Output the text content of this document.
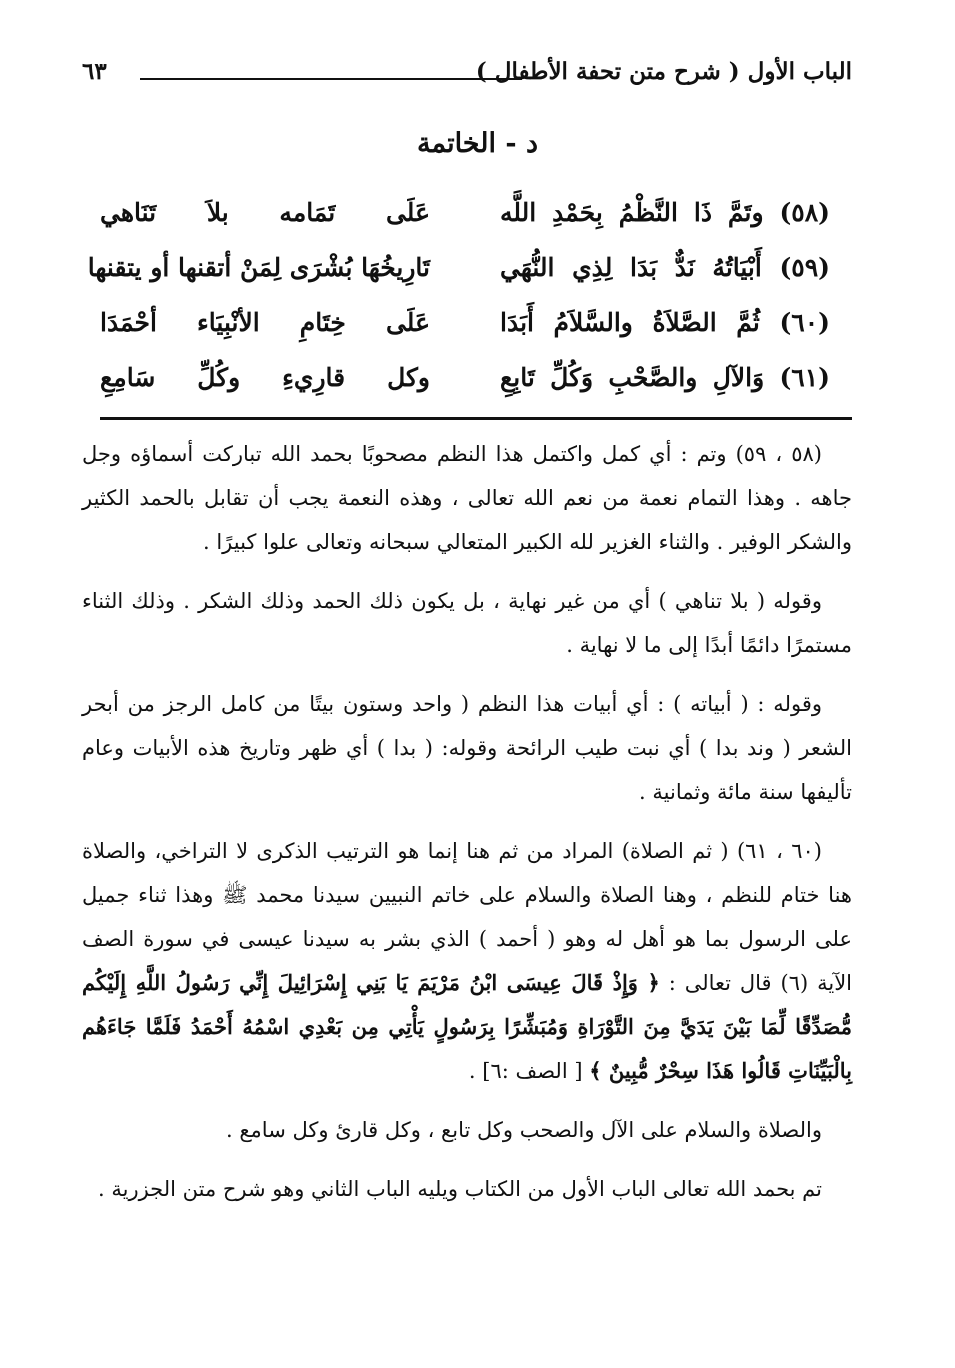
الباب الأول ( شرح متن تحفة الأطفال )
٦٣
د - الخاتمة
(٥٨) وتَمَّ ذَا النَّظْمُ بِحَمْدِ اللَّه
عَلَى تَمَامه بلاَ تَنَاهي
(٥٩) أَبْيَاتُهُ نَدٌّ بَدَا لِذِي النُّهَي
تَارِيخُهَا بُشْرَى لِمَنْ أتقنها أو يتقنها
(٦٠) ثُمَّ الصَّلاَةُ والسَّلاَمُ أَبَدَا
عَلَى خِتَامِ الأنْبِيَاء أحْمَدَا
(٦١) وَالآلِ والصَّحْبِ وَكُلِّ تَابِعِ
وكل قارِيءِ وكُلِّ سَامِعِ

(٥٨ ، ٥٩) وتم : أي كمل واكتمل هذا النظم مصحوبًا بحمد الله تباركت أسماؤه وجل جاهه . وهذا التمام نعمة من نعم الله تعالى ، وهذه النعمة يجب أن تقابل بالحمد الكثير والشكر الوفير . والثناء الغزير لله الكبير المتعالي سبحانه وتعالى علوا كبيرًا .

وقوله ( بلا تناهي ) أي من غير نهاية ، بل يكون ذلك الحمد وذلك الشكر . وذلك الثناء مستمرًا دائمًا أبدًا إلى ما لا نهاية .

وقوله : ( أبياته ) : أي أبيات هذا النظم ( واحد وستون بيتًا من كامل الرجز من أبحر الشعر ( وند بدا ) أي نبت طيب الرائحة وقوله: ( بدا ) أي ظهر وتاريخ هذه الأبيات وعام تأليفها سنة مائة وثمانية .

(٦٠ ، ٦١) ( ثم الصلاة) المراد من ثم هنا إنما هو الترتيب الذكرى لا التراخي، والصلاة هنا ختام للنظم ، وهنا الصلاة والسلام على خاتم النبيين سيدنا محمد ﷺ وهذا ثناء جميل على الرسول بما هو أهل له وهو ( أحمد ) الذي بشر به سيدنا عيسى في سورة الصف الآية (٦) قال تعالى : ﴿ وَإِذْ قَالَ عِيسَى ابْنُ مَرْيَمَ يَا بَنِي إِسْرَائِيلَ إِنِّي رَسُولُ اللَّهِ إِلَيْكُم مُّصَدِّقًا لِّمَا بَيْنَ يَدَيَّ مِنَ التَّوْرَاةِ وَمُبَشِّرًا بِرَسُولٍ يَأْتِي مِن بَعْدِي اسْمُهُ أَحْمَدُ فَلَمَّا جَاءَهُم بِالْبَيِّنَاتِ قَالُوا هَذَا سِحْرٌ مُّبِينٌ ﴾ [ الصف :٦] .

والصلاة والسلام على الآل والصحب وكل تابع ، وكل قارئ وكل سامع .

تم بحمد الله تعالى الباب الأول من الكتاب ويليه الباب الثاني وهو شرح متن الجزرية .
